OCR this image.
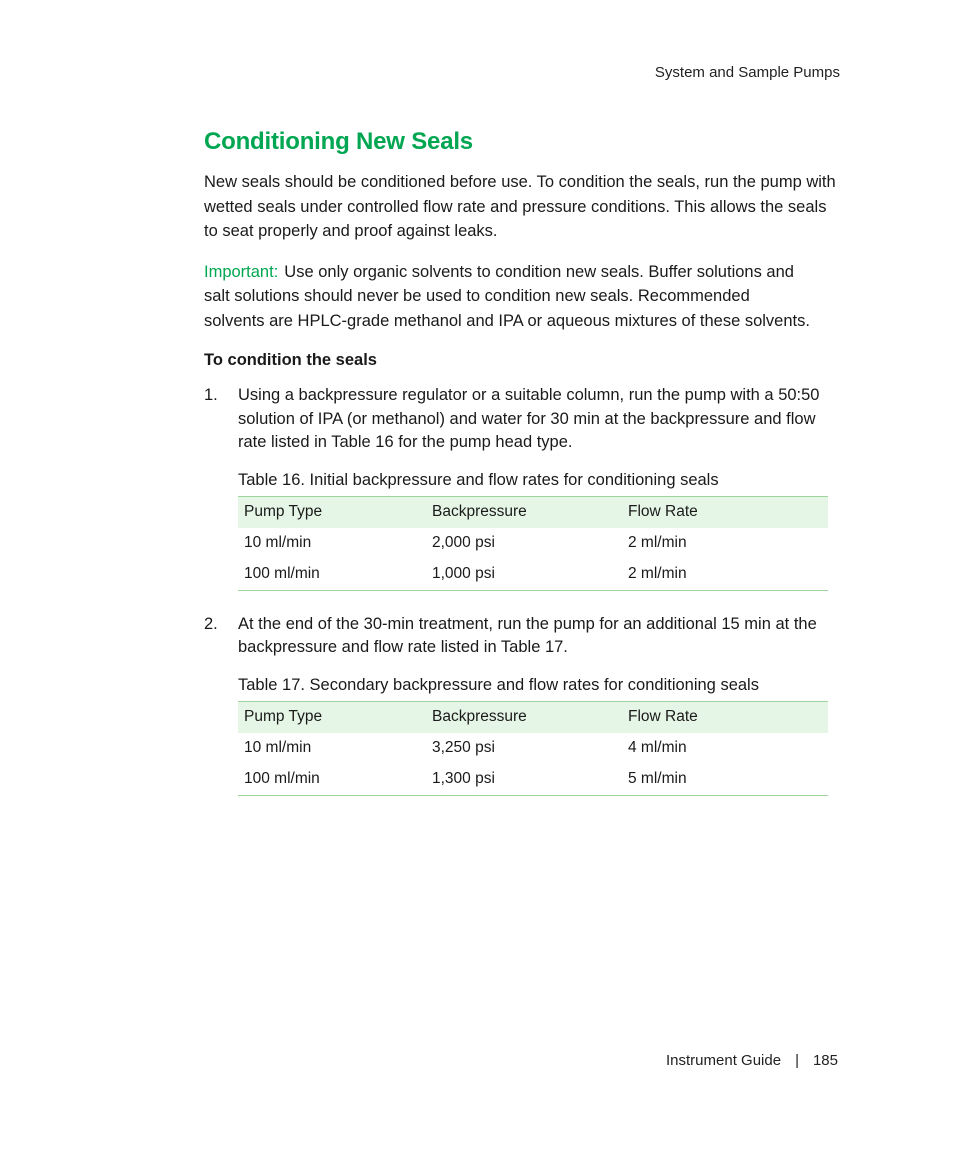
System and Sample Pumps
Conditioning New Seals

New seals should be conditioned before use. To condition the seals, run the pump with wetted seals under controlled flow rate and pressure conditions. This allows the seals to seat properly and proof against leaks.

Important: Use only organic solvents to condition new seals. Buffer solutions and salt solutions should never be used to condition new seals. Recommended solvents are HPLC-grade methanol and IPA or aqueous mixtures of these solvents.

To condition the seals
1.	Using a backpressure regulator or a suitable column, run the pump with a 50:50 solution of IPA (or methanol) and water for 30 min at the backpressure and flow rate listed in Table 16 for the pump head type.
Table 16. Initial backpressure and flow rates for conditioning seals
Pump Type	Backpressure	Flow Rate
10 ml/min	2,000 psi	2 ml/min
100 ml/min	1,000 psi	2 ml/min
2.	At the end of the 30-min treatment, run the pump for an additional 15 min at the backpressure and flow rate listed in Table 17.
Table 17. Secondary backpressure and flow rates for conditioning seals
Pump Type	Backpressure	Flow Rate
10 ml/min	3,250 psi	4 ml/min
100 ml/min	1,300 psi	5 ml/min
Instrument Guide | 185
